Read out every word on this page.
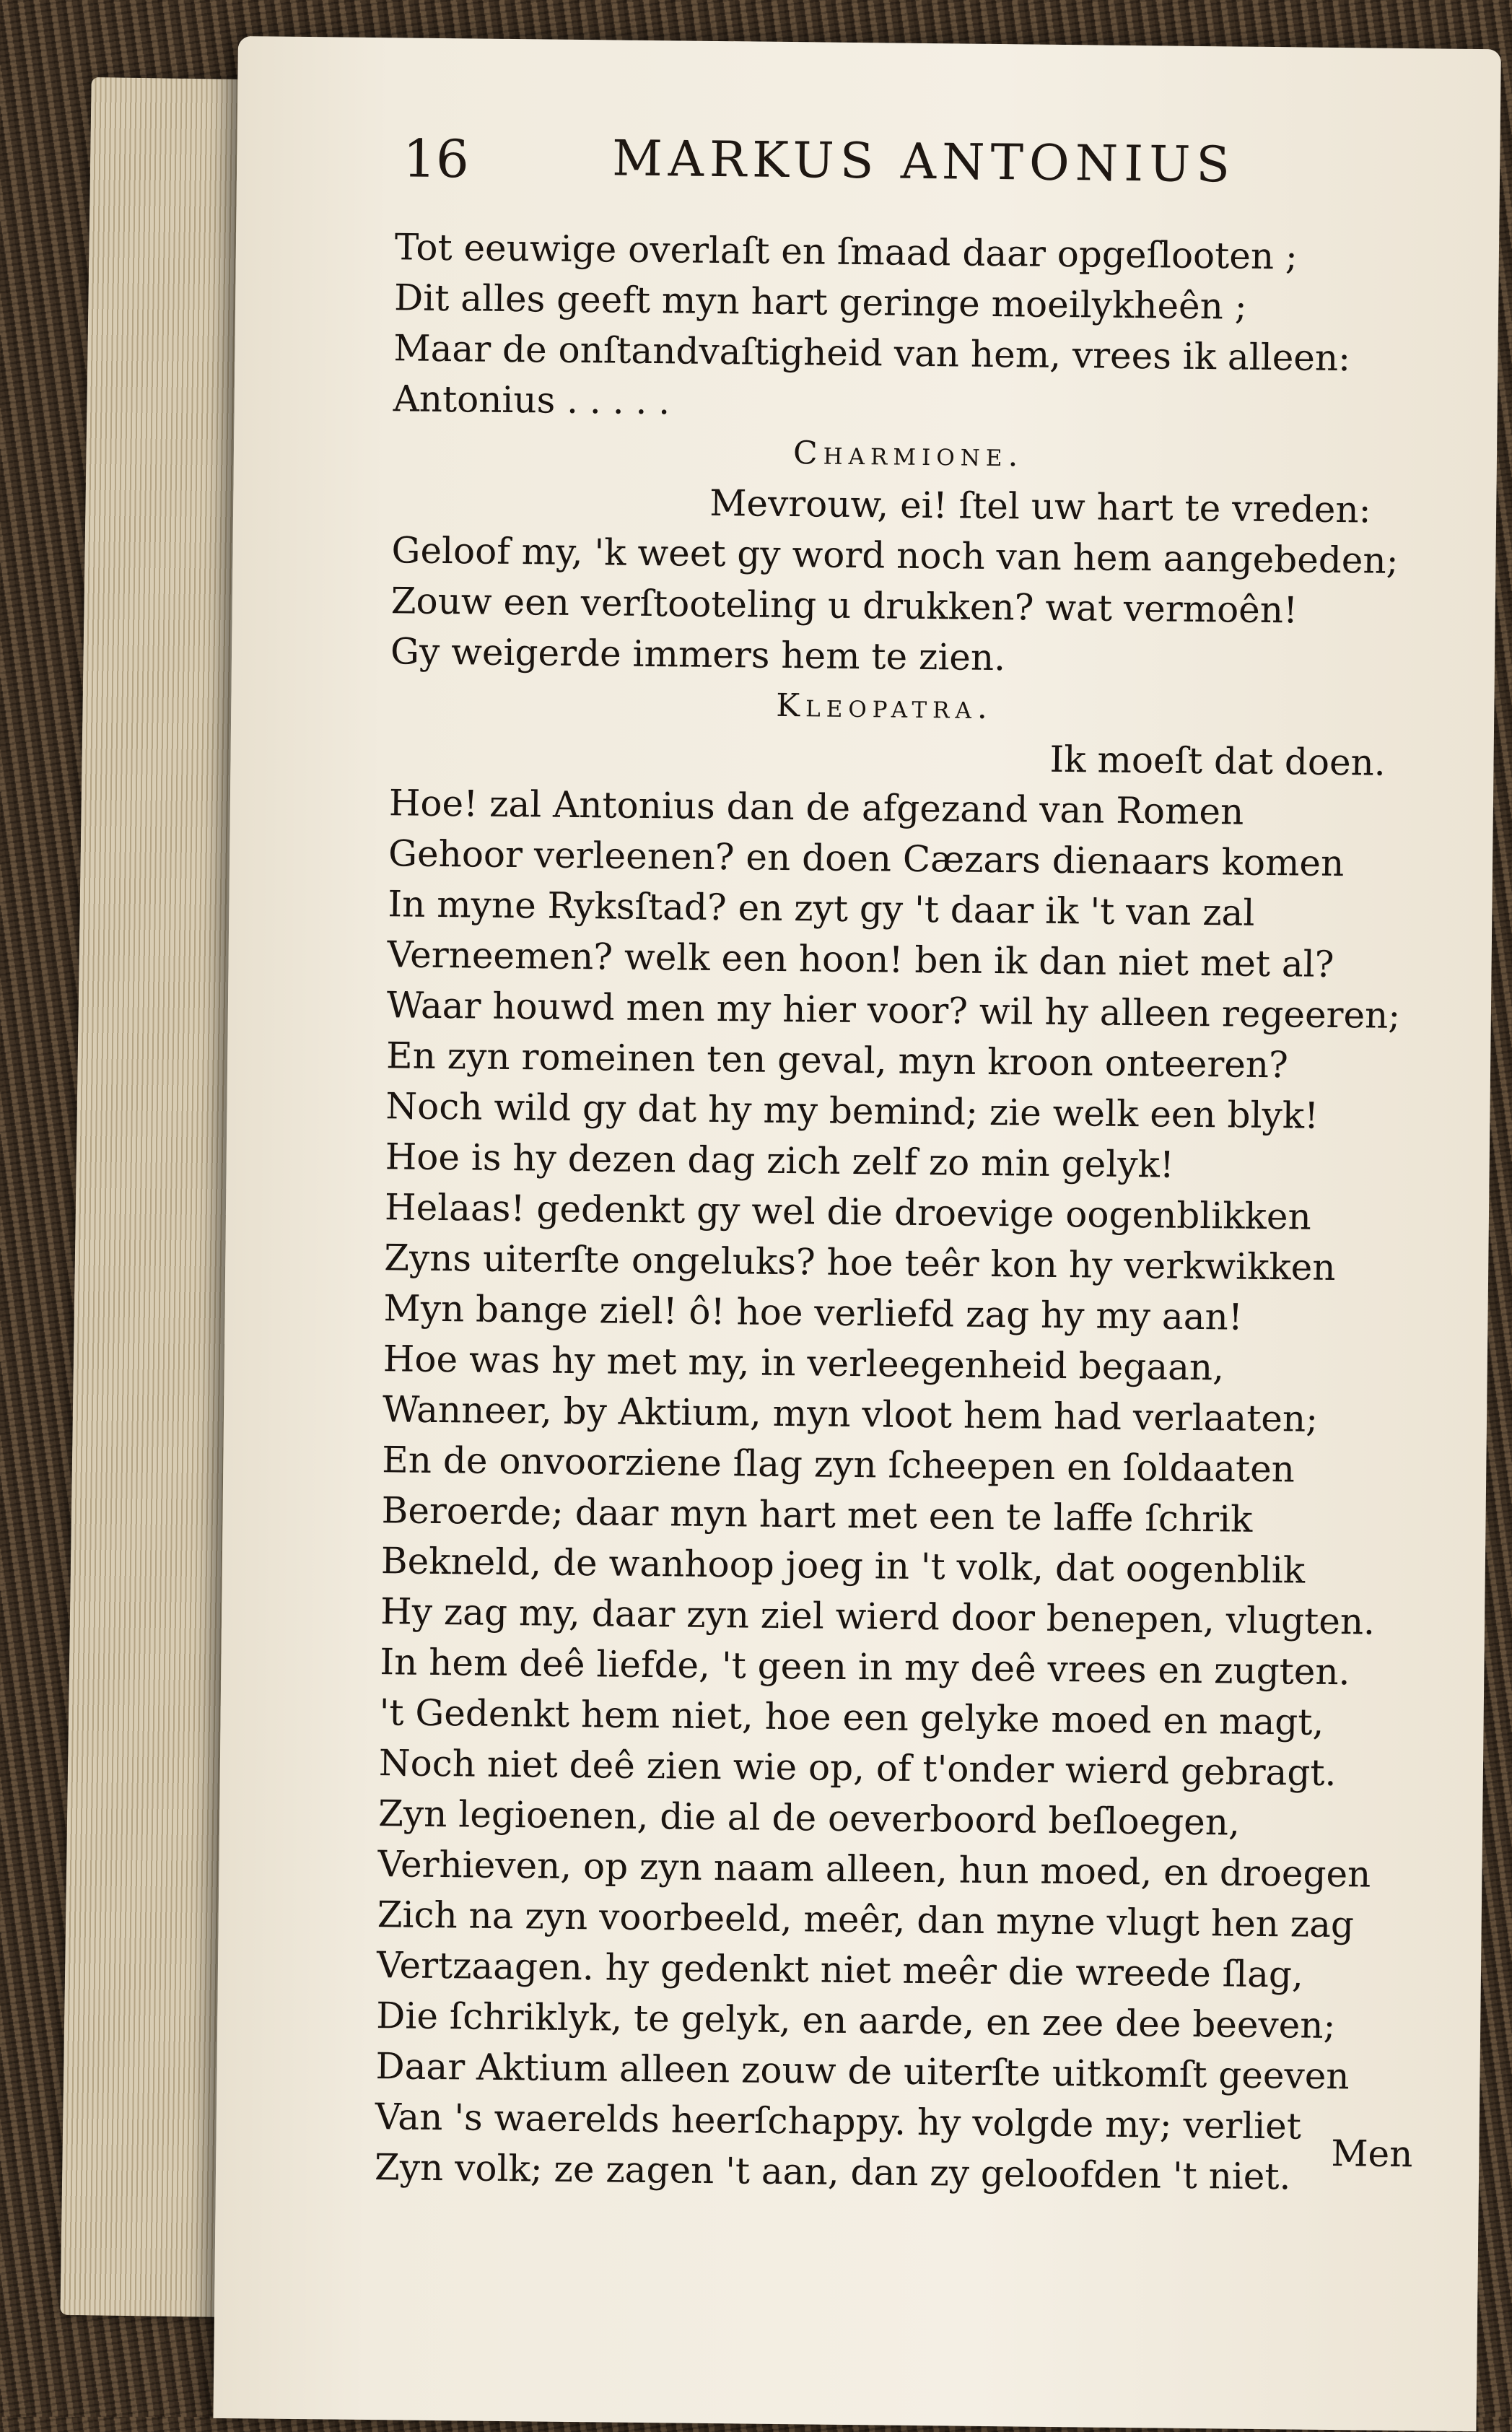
16	MARKUS ANTONIUS
Tot eeuwige overlaſt en ſmaad daar opgeſlooten ;
Dit alles geeft myn hart geringe moeilykheên ;
Maar de onſtandvaſtigheid van hem, vrees ik alleen:
Antonius . . . . .
Charmione.
Mevrouw, ei! ſtel uw hart te vreden:
Geloof my, 'k weet gy word noch van hem aangebeden;
Zouw een verſtooteling u drukken? wat vermoên!
Gy weigerde immers hem te zien.
Kleopatra.
Ik moeſt dat doen.
Hoe! zal Antonius dan de afgezand van Romen
Gehoor verleenen? en doen Cæzars dienaars komen
In myne Ryksſtad? en zyt gy 't daar ik 't van zal
Verneemen? welk een hoon! ben ik dan niet met al?
Waar houwd men my hier voor? wil hy alleen regeeren;
En zyn romeinen ten geval, myn kroon onteeren?
Noch wild gy dat hy my bemind; zie welk een blyk!
Hoe is hy dezen dag zich zelf zo min gelyk!
Helaas! gedenkt gy wel die droevige oogenblikken
Zyns uiterſte ongeluks? hoe teêr kon hy verkwikken
Myn bange ziel! ô! hoe verliefd zag hy my aan!
Hoe was hy met my, in verleegenheid begaan,
Wanneer, by Aktium, myn vloot hem had verlaaten;
En de onvoorziene ſlag zyn ſcheepen en ſoldaaten
Beroerde; daar myn hart met een te laffe ſchrik
Bekneld, de wanhoop joeg in 't volk, dat oogenblik
Hy zag my, daar zyn ziel wierd door benepen, vlugten.
In hem deê liefde, 't geen in my deê vrees en zugten.
't Gedenkt hem niet, hoe een gelyke moed en magt,
Noch niet deê zien wie op, of t'onder wierd gebragt.
Zyn legioenen, die al de oeverboord beſloegen,
Verhieven, op zyn naam alleen, hun moed, en droegen
Zich na zyn voorbeeld, meêr, dan myne vlugt hen zag
Vertzaagen. hy gedenkt niet meêr die wreede ſlag,
Die ſchriklyk, te gelyk, en aarde, en zee dee beeven;
Daar Aktium alleen zouw de uiterſte uitkomſt geeven
Van 's waerelds heerſchappy. hy volgde my; verliet
Zyn volk; ze zagen 't aan, dan zy geloofden 't niet.	Men
